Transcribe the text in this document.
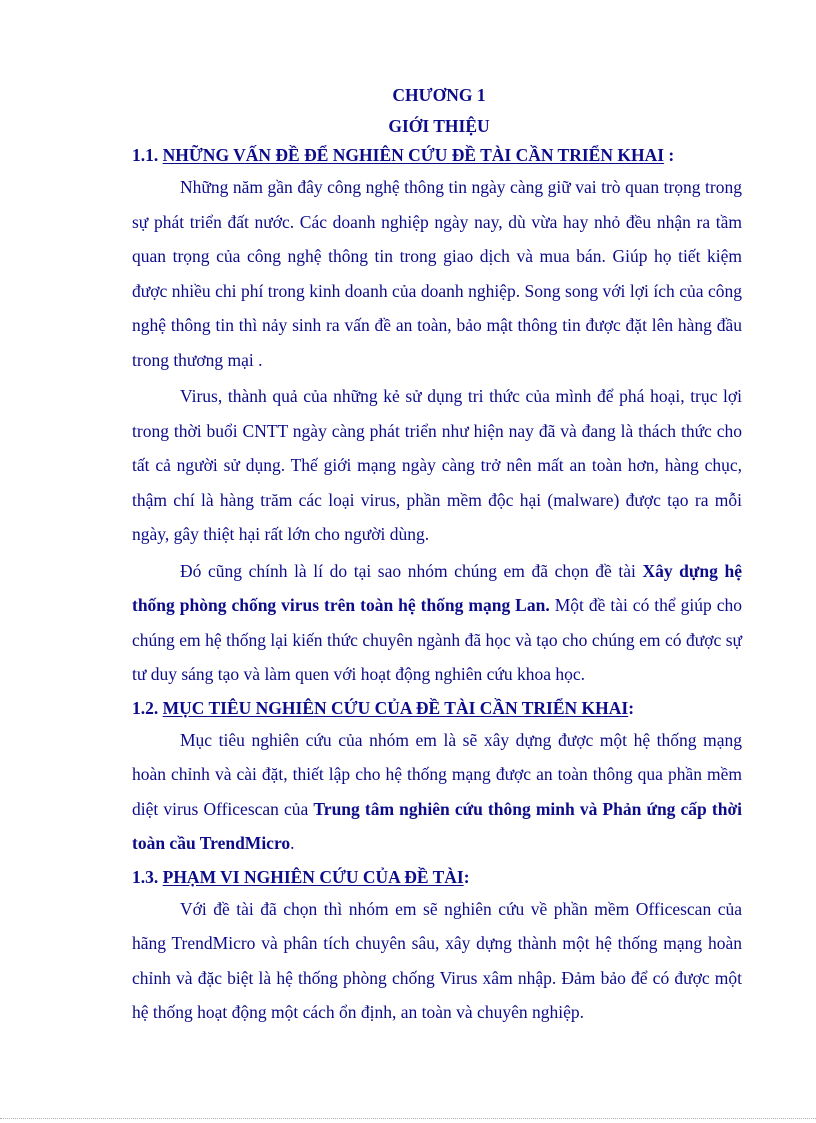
CHƯƠNG 1

GIỚI THIỆU

1.1. NHỮNG VẤN ĐỀ ĐỂ NGHIÊN CỨU ĐỀ TÀI CẦN TRIỂN KHAI :

Những năm gần đây công nghệ thông tin ngày càng giữ vai trò quan trọng trong sự phát triển đất nước. Các doanh nghiệp ngày nay, dù vừa hay nhỏ đều nhận ra tầm quan trọng của công nghệ thông tin trong giao dịch và mua bán. Giúp họ tiết kiệm được nhiều chi phí trong kinh doanh của doanh nghiệp. Song song với lợi ích của công nghệ thông tin thì nảy sinh ra vấn đề an toàn, bảo mật thông tin được đặt lên hàng đầu trong thương mại .

Virus, thành quả của những kẻ sử dụng tri thức của mình để phá hoại, trục lợi trong thời buổi CNTT ngày càng phát triển như hiện nay đã và đang là thách thức cho tất cả người sử dụng. Thế giới mạng ngày càng trở nên mất an toàn hơn, hàng chục, thậm chí là hàng trăm các loại virus, phần mềm độc hại (malware) được tạo ra mỗi ngày, gây thiệt hại rất lớn cho người dùng.

Đó cũng chính là lí do tại sao nhóm chúng em đã chọn đề tài Xây dựng hệ thống phòng chống virus trên toàn hệ thống mạng Lan. Một đề tài có thể giúp cho chúng em hệ thống lại kiến thức chuyên ngành đã học và tạo cho chúng em có được sự tư duy sáng tạo và làm quen với hoạt động nghiên cứu khoa học.

1.2. MỤC TIÊU NGHIÊN CỨU CỦA ĐỀ TÀI CẦN TRIỂN KHAI:

Mục tiêu nghiên cứu của nhóm em là sẽ xây dựng được một hệ thống mạng hoàn chỉnh và cài đặt, thiết lập cho hệ thống mạng được an toàn thông qua phần mềm diệt virus Officescan của Trung tâm nghiên cứu thông minh và Phản ứng cấp thời toàn cầu TrendMicro.

1.3. PHẠM VI NGHIÊN CỨU CỦA ĐỀ TÀI:

Với đề tài đã chọn thì nhóm em sẽ nghiên cứu về phần mềm Officescan của hãng TrendMicro và phân tích chuyên sâu, xây dựng thành một hệ thống mạng hoàn chỉnh và đặc biệt là hệ thống phòng chống Virus xâm nhập. Đảm bảo để có được một hệ thống hoạt động một cách ổn định, an toàn và chuyên nghiệp.
